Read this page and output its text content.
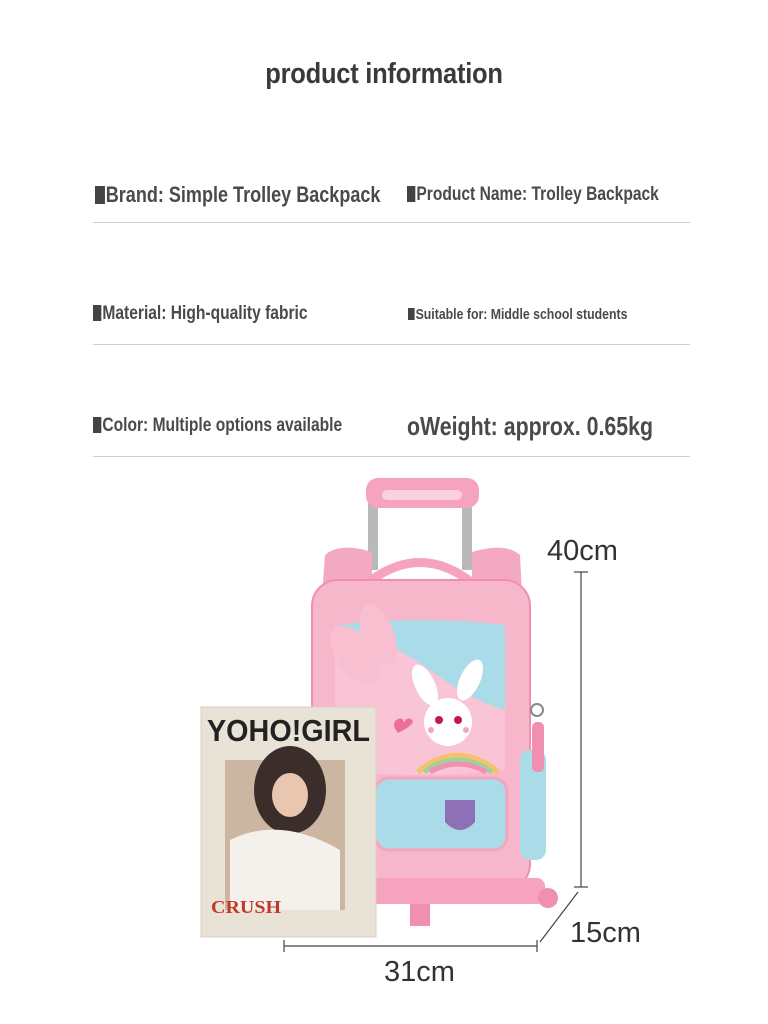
product information
Brand: Simple Trolley Backpack	Product Name: Trolley Backpack
Material: High-quality fabric	Suitable for: Middle school students
Color: Multiple options available oWeight: approx. 0.65kg
YOHO!GIRL
CRUSH
40cm
15cm
31cm
